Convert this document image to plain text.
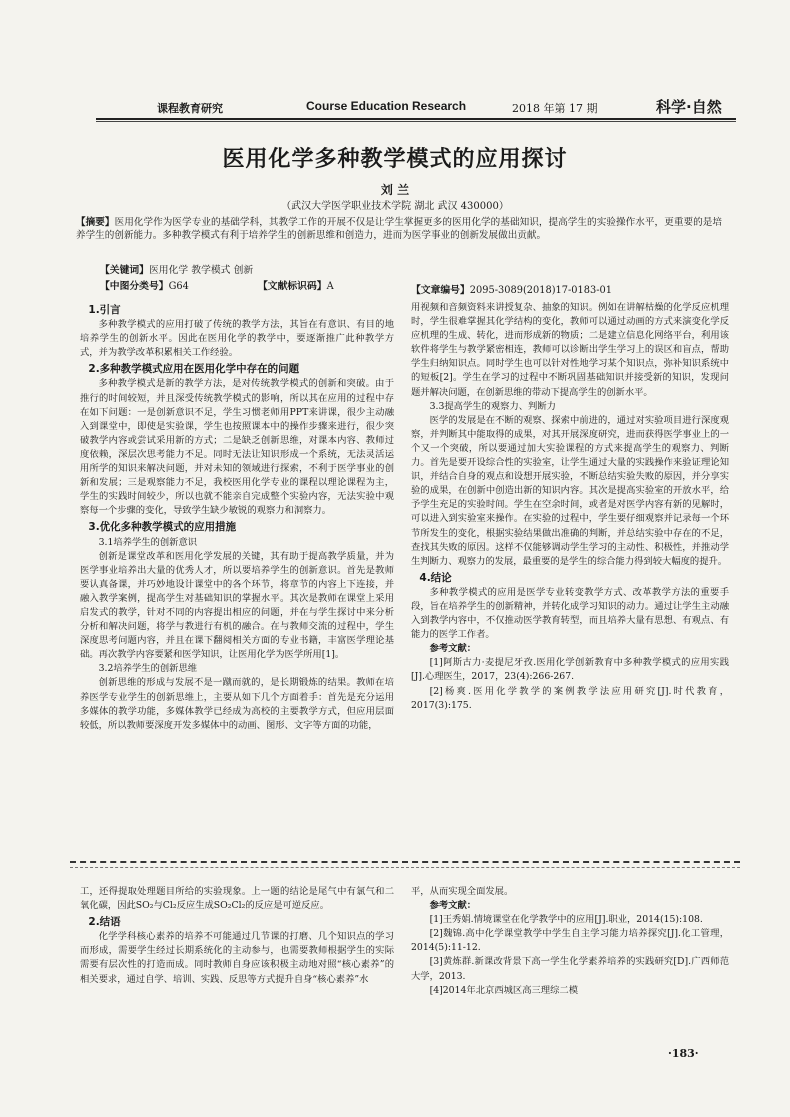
课程教育研究	Course Education Research	2018 年第 17 期	科学·自然
医用化学多种教学模式的应用探讨
刘 兰
（武汉大学医学职业技术学院 湖北 武汉 430000）
【摘要】医用化学作为医学专业的基础学科，其教学工作的开展不仅是让学生掌握更多的医用化学的基础知识，提高学生的实验操作水平，更重要的是培养学生的创新能力。多种教学模式有利于培养学生的创新思维和创造力，进而为医学事业的创新发展做出贡献。
【关键词】医用化学 教学模式 创新
【中图分类号】G64	【文献标识码】A	【文章编号】2095-3089(2018)17-0183-01
1.引言

多种教学模式的应用打破了传统的教学方法，其旨在有意识、有目的地培养学生的创新水平。因此在医用化学的教学中，要逐渐推广此种教学方式，并为教学改革积累相关工作经验。

2.多种教学模式应用在医用化学中存在的问题

多种教学模式是新的教学方法，是对传统教学模式的创新和突破。由于推行的时间较短，并且深受传统教学模式的影响，所以其在应用的过程中存在如下问题：一是创新意识不足，学生习惯老师用PPT来讲课，很少主动融入到课堂中，即使是实验课，学生也按照课本中的操作步骤来进行，很少突破教学内容或尝试采用新的方式；二是缺乏创新思维，对课本内容、教师过度依赖，深层次思考能力不足。同时无法让知识形成一个系统，无法灵活运用所学的知识来解决问题，并对未知的领域进行探索，不利于医学事业的创新和发展；三是观察能力不足，我校医用化学专业的课程以理论课程为主，学生的实践时间较少，所以也就不能亲自完成整个实验内容，无法实验中观察每一个步骤的变化，导致学生缺少敏锐的观察力和洞察力。

3.优化多种教学模式的应用措施
3.1培养学生的创新意识

创新是课堂改革和医用化学发展的关键，其有助于提高教学质量，并为医学事业培养出大量的优秀人才，所以要培养学生的创新意识。首先是教师要认真备课，并巧妙地设计课堂中的各个环节，将章节的内容上下连接，并融入教学案例，提高学生对基础知识的掌握水平。其次是教师在课堂上采用启发式的教学，针对不同的内容提出相应的问题，并在与学生探讨中来分析分析和解决问题，将学与教进行有机的融合。在与教师交流的过程中，学生深度思考问题内容，并且在课下翻阅相关方面的专业书籍，丰富医学理论基础。再次教学内容要紧和医学知识，让医用化学为医学所用[1]。

3.2培养学生的创新思维

创新思维的形成与发展不是一蹴而就的，是长期锻炼的结果。教师在培养医学专业学生的创新思维上，主要从如下几个方面着手：首先是充分运用多媒体的教学功能，多媒体教学已经成为高校的主要教学方式，但应用层面较低，所以教师要深度开发多媒体中的动画、图形、文字等方面的功能，

用视频和音频资料来讲授复杂、抽象的知识。例如在讲解枯燥的化学反应机理时，学生很难掌握其化学结构的变化，教师可以通过动画的方式来演变化学反应机理的生成、转化，进而形成新的物质；二是建立信息化网络平台，利用该软件将学生与教学紧密相连，教师可以诊断出学生学习上的误区和盲点，帮助学生归纳知识点。同时学生也可以针对性地学习某个知识点，弥补知识系统中的短板[2]。学生在学习的过程中不断巩固基础知识并接受新的知识，发现问题并解决问题，在创新思维的带动下提高学生的创新水平。

3.3提高学生的观察力、判断力

医学的发展是在不断的观察、探索中前进的，通过对实验项目进行深度观察，并判断其中能取得的成果，对其开展深度研究，进而获得医学事业上的一个又一个突破，所以要通过加大实验课程的方式来提高学生的观察力、判断力。首先是要开设综合性的实验室，让学生通过大量的实践操作来验证理论知识，并结合自身的观点和设想开展实验，不断总结实验失败的原因，并分享实验的成果，在创新中创造出新的知识内容。其次是提高实验室的开放水平，给予学生充足的实验时间。学生在空余时间，或者是对医学内容有新的见解时，可以进入到实验室来操作。在实验的过程中，学生要仔细观察并记录每一个环节所发生的变化，根据实验结果做出准确的判断，并总结实验中存在的不足，查找其失败的原因。这样不仅能够调动学生学习的主动性、积极性，并推动学生判断力、观察力的发展，最重要的是学生的综合能力得到较大幅度的提升。

4.结论

多种教学模式的应用是医学专业转变教学方式、改革教学方法的重要手段，旨在培养学生的创新精神，并转化成学习知识的动力。通过让学生主动融入到教学内容中，不仅推动医学教育转型，而且培养大量有思想、有观点、有能力的医学工作者。

参考文献：
[1]阿斯古力·麦提尼牙孜.医用化学创新教育中多种教学模式的应用实践[J].心理医生，2017，23(4):266-267.
[2]杨爽.医用化学教学的案例教学法应用研究[J].时代教育，2017(3):175.

工，还得提取处理题目所给的实验现象。上一题的结论是尾气中有氯气和二氧化碳，因此SO₂与Cl₂反应生成SO₂Cl₂的反应是可逆反应。

2.结语

化学学科核心素养的培养不可能通过几节课的打磨、几个知识点的学习而形成，需要学生经过长期系统化的主动参与，也需要教师根据学生的实际需要有层次性的打造而成。同时教师自身应该积极主动地对照“核心素养”的相关要求，通过自学、培训、实践、反思等方式提升自身“核心素养”水

平，从而实现全面发展。

参考文献：
[1]王秀娟.情境课堂在化学教学中的应用[J].职业，2014(15):108.
[2]魏锦.高中化学课堂教学中学生自主学习能力培养探究[J].化工管理，2014(5):11-12.
[3]黄炼群.新课改背景下高一学生化学素养培养的实践研究[D].广西师范大学，2013.
[4]2014年北京西城区高三理综二模
·183·
